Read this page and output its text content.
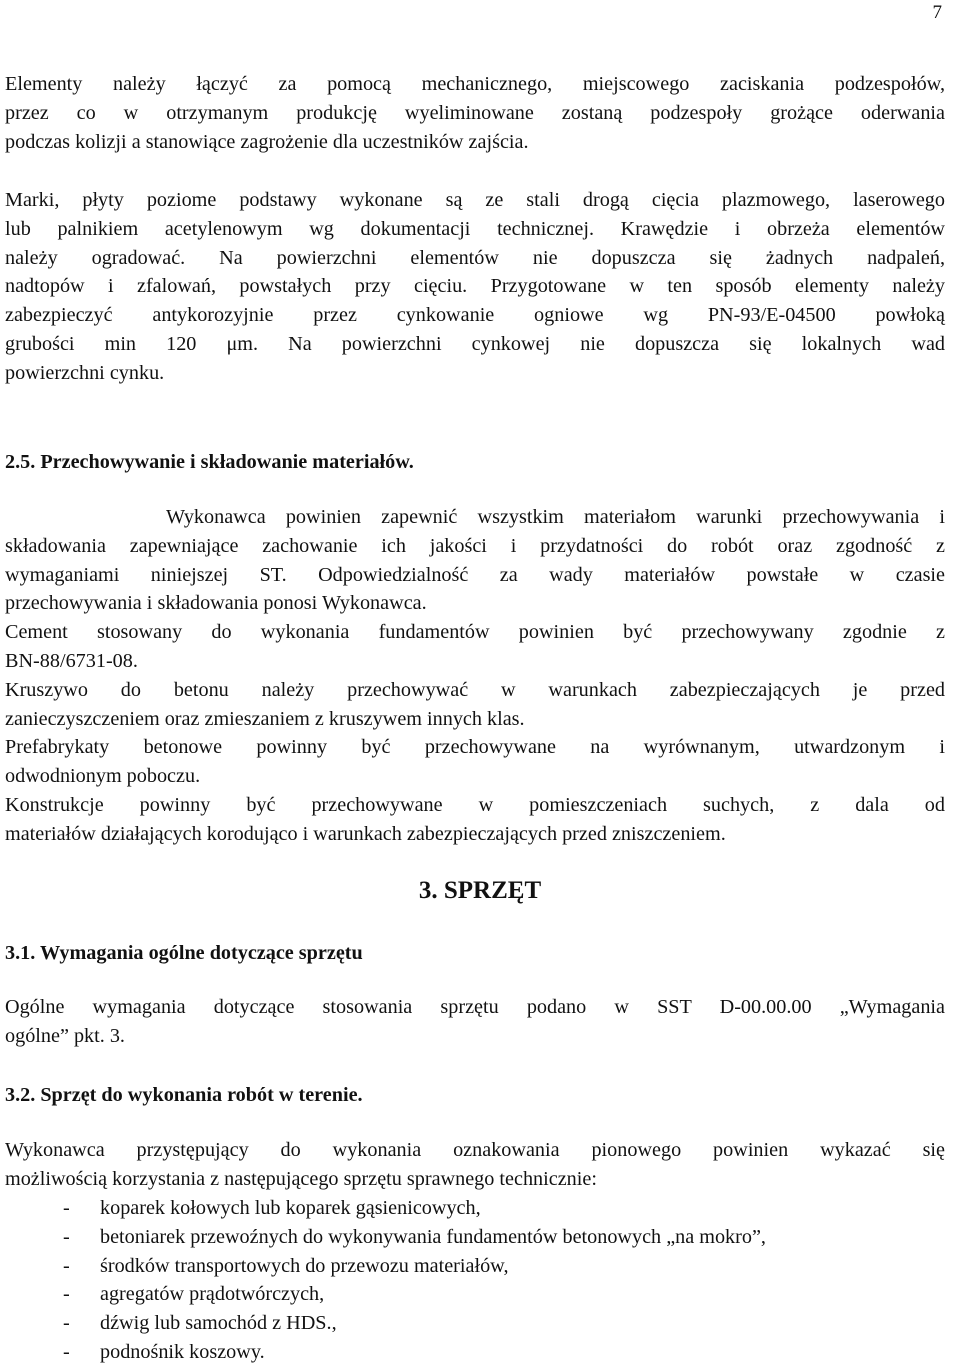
7
Elementy należy łączyć za pomocą mechanicznego, miejscowego zaciskania podzespołów,
przez co w otrzymanym produkcję wyeliminowane zostaną podzespoły grożące oderwania
podczas kolizji a stanowiące zagrożenie dla uczestników zajścia.
Marki, płyty poziome podstawy wykonane są ze stali drogą cięcia plazmowego, laserowego
lub palnikiem acetylenowym wg dokumentacji technicznej. Krawędzie i obrzeża elementów
należy ogradować. Na powierzchni elementów nie dopuszcza się żadnych nadpaleń,
nadtopów i zfalowań, powstałych przy cięciu. Przygotowane w ten sposób elementy należy
zabezpieczyć antykorozyjnie przez cynkowanie ogniowe wg PN-93/E-04500 powłoką
grubości min 120 μm. Na powierzchni cynkowej nie dopuszcza się lokalnych wad
powierzchni cynku.
2.5. Przechowywanie i składowanie materiałów.
Wykonawca powinien zapewnić wszystkim materiałom warunki przechowywania i
składowania zapewniające zachowanie ich jakości i przydatności do robót oraz zgodność z
wymaganiami niniejszej ST. Odpowiedzialność za wady materiałów powstałe w czasie
przechowywania i składowania ponosi Wykonawca.
Cement stosowany do wykonania fundamentów powinien być przechowywany zgodnie z
BN-88/6731-08.
Kruszywo do betonu należy przechowywać w warunkach zabezpieczających je przed
zanieczyszczeniem oraz zmieszaniem z kruszywem innych klas.
Prefabrykaty betonowe powinny być przechowywane na wyrównanym, utwardzonym i
odwodnionym poboczu.
Konstrukcje powinny być przechowywane w pomieszczeniach suchych, z dala od
materiałów działających korodująco i warunkach zabezpieczających przed zniszczeniem.
3. SPRZĘT
3.1. Wymagania ogólne dotyczące sprzętu
Ogólne wymagania dotyczące stosowania sprzętu podano w SST D-00.00.00 „Wymagania
ogólne” pkt. 3.
3.2. Sprzęt do wykonania robót w terenie.
Wykonawca przystępujący do wykonania oznakowania pionowego powinien wykazać się
możliwością korzystania z następującego sprzętu sprawnego technicznie:
- koparek kołowych lub koparek gąsienicowych,
- betoniarek przewoźnych do wykonywania fundamentów betonowych „na mokro”,
- środków transportowych do przewozu materiałów,
- agregatów prądotwórczych,
- dźwig lub samochód z HDS.,
- podnośnik koszowy.
